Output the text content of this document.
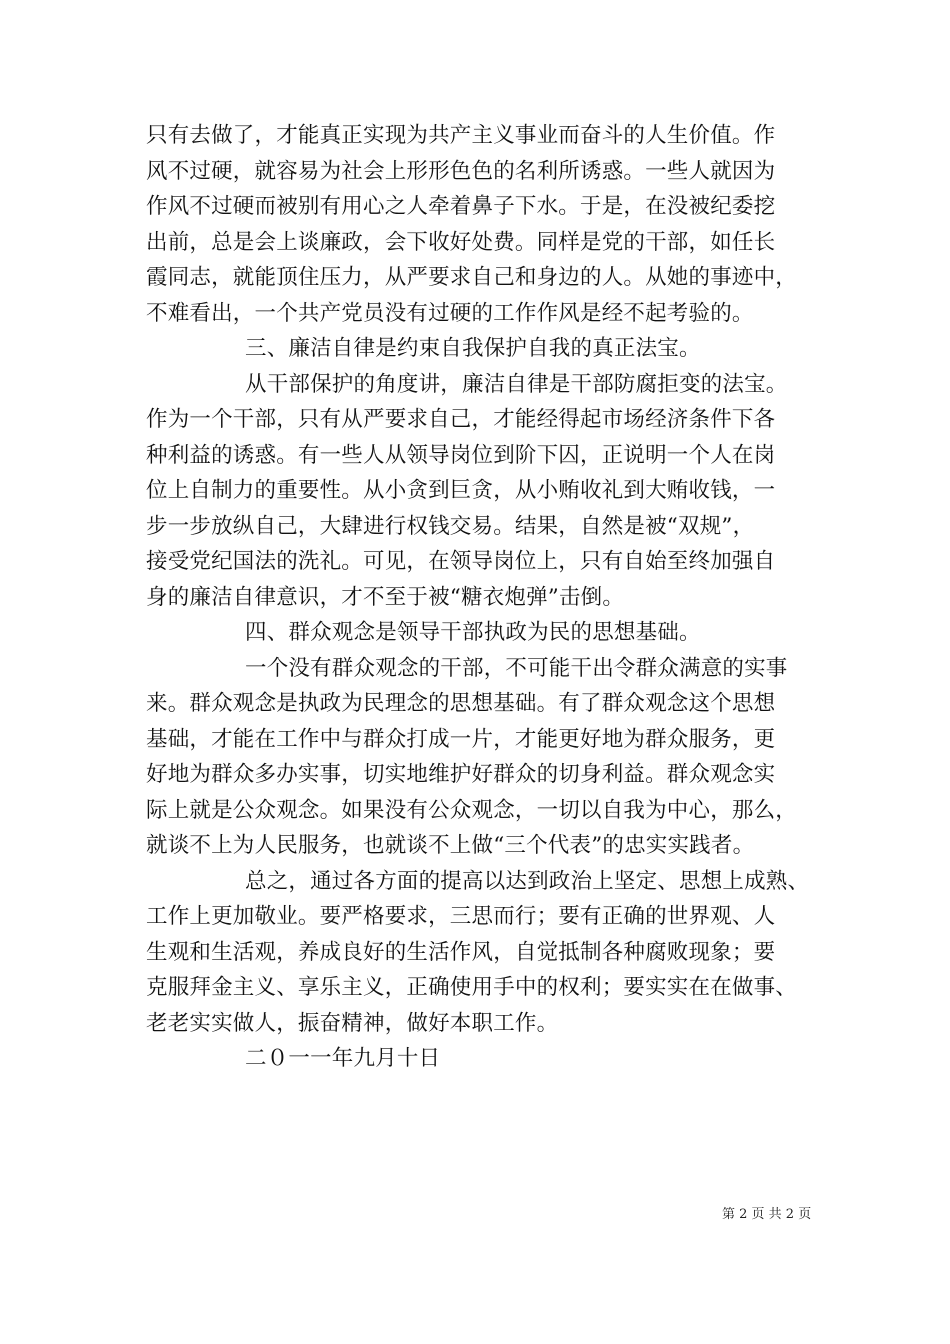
只有去做了，才能真正实现为共产主义事业而奋斗的人生价值。作
风不过硬，就容易为社会上形形色色的名利所诱惑。一些人就因为
作风不过硬而被别有用心之人牵着鼻子下水。于是，在没被纪委挖
出前，总是会上谈廉政，会下收好处费。同样是党的干部，如任长
霞同志，就能顶住压力，从严要求自己和身边的人。从她的事迹中，
不难看出，一个共产党员没有过硬的工作作风是经不起考验的。
三、廉洁自律是约束自我保护自我的真正法宝。
从干部保护的角度讲，廉洁自律是干部防腐拒变的法宝。
作为一个干部，只有从严要求自己，才能经得起市场经济条件下各
种利益的诱惑。有一些人从领导岗位到阶下囚，正说明一个人在岗
位上自制力的重要性。从小贪到巨贪，从小贿收礼到大贿收钱，一
步一步放纵自己，大肆进行权钱交易。结果，自然是被“双规”，
接受党纪国法的洗礼。可见，在领导岗位上，只有自始至终加强自
身的廉洁自律意识，才不至于被“糖衣炮弹”击倒。
四、群众观念是领导干部执政为民的思想基础。
一个没有群众观念的干部，不可能干出令群众满意的实事
来。群众观念是执政为民理念的思想基础。有了群众观念这个思想
基础，才能在工作中与群众打成一片，才能更好地为群众服务，更
好地为群众多办实事，切实地维护好群众的切身利益。群众观念实
际上就是公众观念。如果没有公众观念，一切以自我为中心，那么，
就谈不上为人民服务，也就谈不上做“三个代表”的忠实实践者。
总之，通过各方面的提高以达到政治上坚定、思想上成熟、
工作上更加敬业。要严格要求，三思而行；要有正确的世界观、人
生观和生活观，养成良好的生活作风，自觉抵制各种腐败现象；要
克服拜金主义、享乐主义，正确使用手中的权利；要实实在在做事、
老老实实做人，振奋精神，做好本职工作。
二０一一年九月十日
第 2 页 共 2 页
